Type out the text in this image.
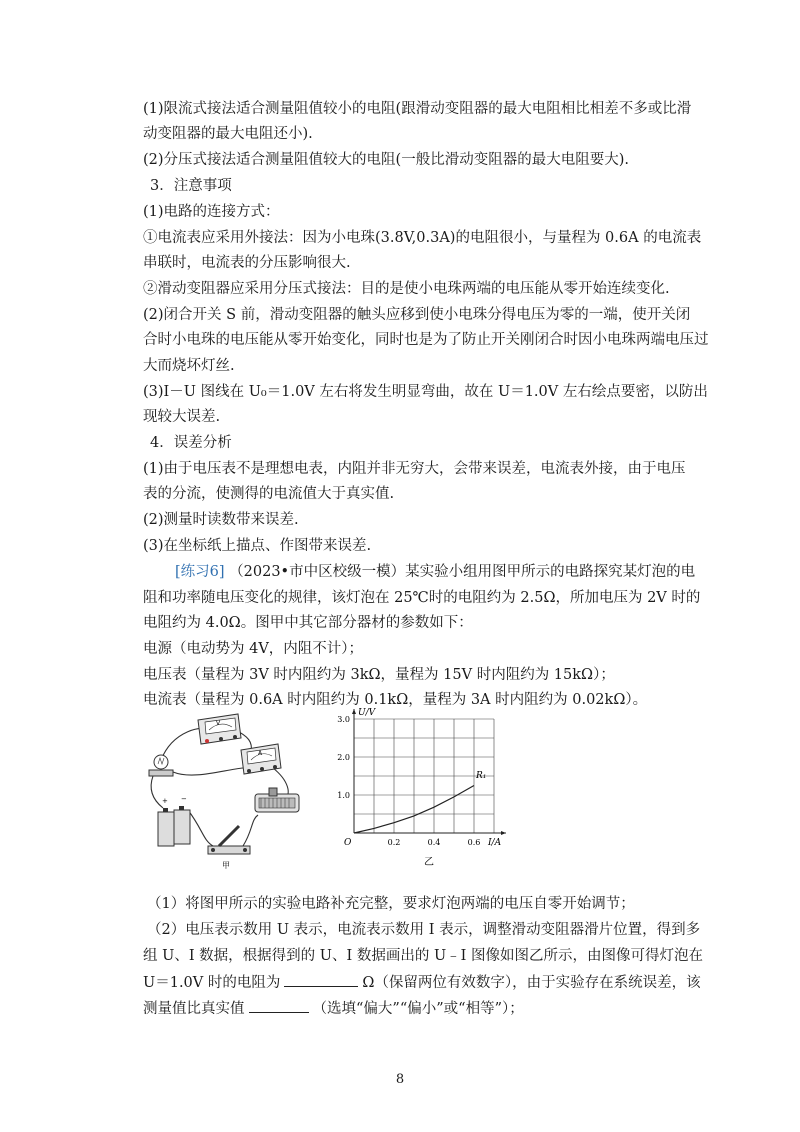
(1)限流式接法适合测量阻值较小的电阻(跟滑动变阻器的最大电阻相比相差不多或比滑
动变阻器的最大电阻还小).
(2)分压式接法适合测量阻值较大的电阻(一般比滑动变阻器的最大电阻要大).
3．注意事项
(1)电路的连接方式：
①电流表应采用外接法：因为小电珠(3.8V,0.3A)的电阻很小，与量程为 0.6A 的电流表
串联时，电流表的分压影响很大.
②滑动变阻器应采用分压式接法：目的是使小电珠两端的电压能从零开始连续变化.
(2)闭合开关 S 前，滑动变阻器的触头应移到使小电珠分得电压为零的一端，使开关闭
合时小电珠的电压能从零开始变化，同时也是为了防止开关刚闭合时因小电珠两端电压过
大而烧坏灯丝.
(3)I－U 图线在 U₀＝1.0V 左右将发生明显弯曲，故在 U＝1.0V 左右绘点要密，以防出
现较大误差.
4．误差分析
(1)由于电压表不是理想电表，内阻并非无穷大，会带来误差，电流表外接，由于电压
表的分流，使测得的电流值大于真实值.
(2)测量时读数带来误差.
(3)在坐标纸上描点、作图带来误差.
[练习6] （2023•市中区校级一模）某实验小组用图甲所示的电路探究某灯泡的电
阻和功率随电压变化的规律，该灯泡在 25℃时的电阻约为 2.5Ω，所加电压为 2V 时的
电阻约为 4.0Ω。图甲中其它部分器材的参数如下：
电源（电动势为 4V，内阻不计）；
电压表（量程为 3V 时内阻约为 3kΩ，量程为 15V 时内阻约为 15kΩ）；
电流表（量程为 0.6A 时内阻约为 0.1kΩ，量程为 3A 时内阻约为 0.02kΩ）。
V
A
+ −
甲
0.2	0.4	0.6
1.0
2.0
3.0
R₁
U/V
I/A
O
乙
（1）将图甲所示的实验电路补充完整，要求灯泡两端的电压自零开始调节；
（2）电压表示数用 U 表示，电流表示数用 I 表示，调整滑动变阻器滑片位置，得到多
组 U、I 数据，根据得到的 U、I 数据画出的 U﹣I 图像如图乙所示，由图像可得灯泡在
U＝1.0V 时的电阻为	Ω（保留两位有效数字），由于实验存在系统误差，该
测量值比真实值	（选填“偏大”“偏小”或“相等”）；
8
